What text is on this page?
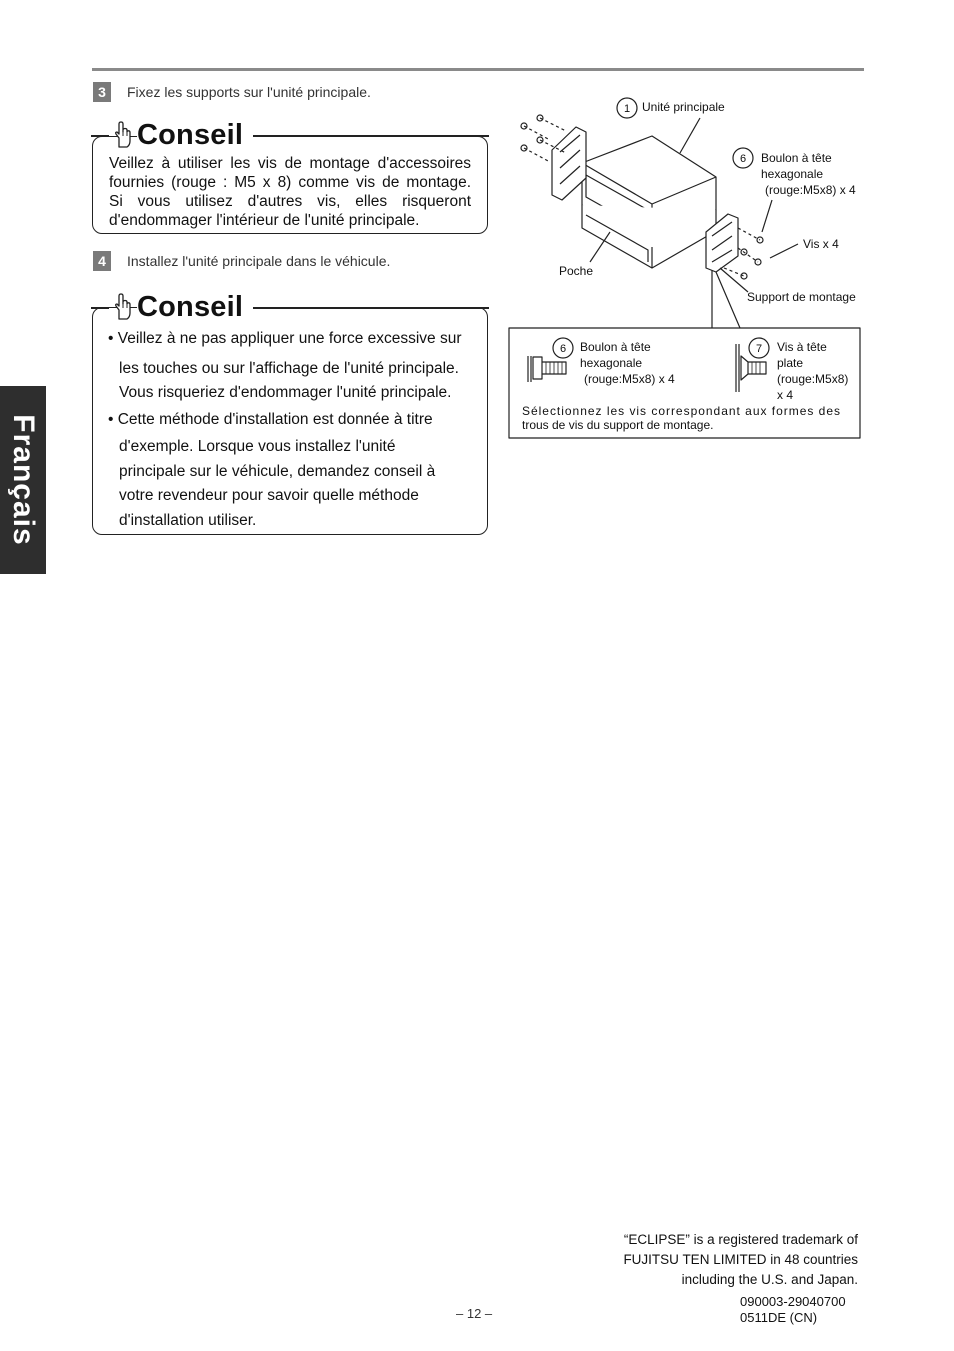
Français
3	Fixez les supports sur l'unité principale.
Conseil
Veillez à utiliser les vis de montage d'accessoires
fournies (rouge : M5 x 8) comme vis de montage.
Si vous utilisez d'autres vis, elles risqueront
d'endommager l'intérieur de l'unité principale.
4	Installez l'unité principale dans le véhicule.
Conseil

• Veillez à ne pas appliquer une force excessive sur

les touches ou sur l'affichage de l'unité principale.

Vous risqueriez d'endommager l'unité principale.

• Cette méthode d'installation est donnée à titre

d'exemple. Lorsque vous installez l'unité

principale sur le véhicule, demandez conseil à

votre revendeur pour savoir quelle méthode

d'installation utiliser.

1 Unité principale
6 Boulon à tête
hexagonale
(rouge:M5x8) x 4
Vis x 4
Poche
Support de montage
6 Boulon à tête
hexagonale
(rouge:M5x8) x 4
7 Vis à tête
plate
(rouge:M5x8)
x 4
Sélectionnez les vis correspondant aux formes des
trous de vis du support de montage.
“ECLIPSE” is a registered trademark of
FUJITSU TEN LIMITED in 48 countries
including the U.S. and Japan.
– 12 –
090003-29040700
0511DE (CN)
